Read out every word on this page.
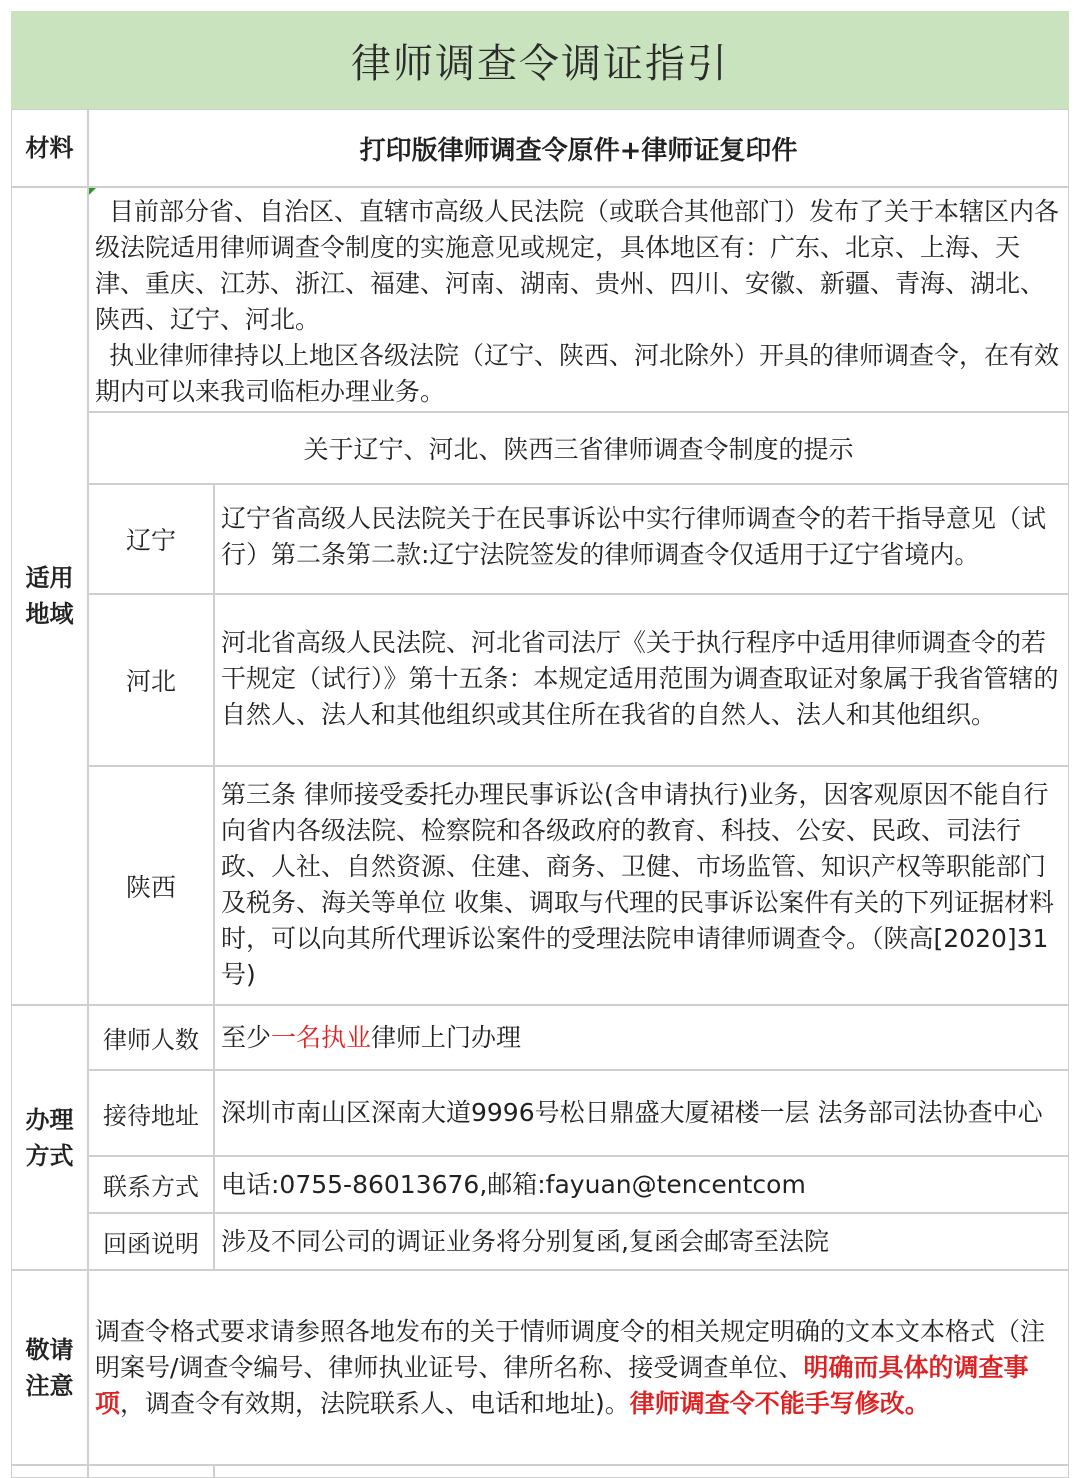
律师调查令调证指引
材料	打印版律师调查令原件+律师证复印件

适用

地域

目前部分省、自治区、直辖市高级人民法院（或联合其他部门）发布了关于本辖区内各级法院适用律师调查令制度的实施意见或规定，具体地区有：广东、北京、上海、天津、重庆、江苏、浙江、福建、河南、湖南、贵州、四川、安徽、新疆、青海、湖北、陕西、辽宁、河北。

执业律师律持以上地区各级法院（辽宁、陕西、河北除外）开具的律师调查令，在有效期内可以来我司临柜办理业务。

关于辽宁、河北、陕西三省律师调查令制度的提示
辽宁
辽宁省高级人民法院关于在民事诉讼中实行律师调查令的若干指导意见（试行）第二条第二款:辽宁法院签发的律师调查令仅适用于辽宁省境内。
河北
河北省高级人民法院、河北省司法厅《关于执行程序中适用律师调查令的若干规定（试行）》第十五条：本规定适用范围为调查取证对象属于我省管辖的自然人、法人和其他组织或其住所在我省的自然人、法人和其他组织。
陕西
第三条 律师接受委托办理民事诉讼(含申请执行)业务，因客观原因不能自行向省内各级法院、检察院和各级政府的教育、科技、公安、民政、司法行政、人社、自然资源、住建、商务、卫健、市场监管、知识产权等职能部门及税务、海关等单位 收集、调取与代理的民事诉讼案件有关的下列证据材料时，可以向其所代理诉讼案件的受理法院申请律师调查令。（陕高[2020]31号)

办理

方式

律师人数 至少 一名执业 律师上门办理
接待地址 深圳市南山区深南大道9996号松日鼎盛大厦裙楼一层 法务部司法协查中心
联系方式 电话:0755-86013676,邮箱:fayuan@tencentcom
回函说明 涉及不同公司的调证业务将分别复函,复函会邮寄至法院

敬请

注意

调查令格式要求请参照各地发布的关于情师调度令的相关规定明确的文本文本格式（注明案号/调查令编号、律师执业证号、律所名称、接受调查单位、明确而具体的调查事项，调查令有效期，法院联系人、电话和地址)。律师调查令不能手写修改。
